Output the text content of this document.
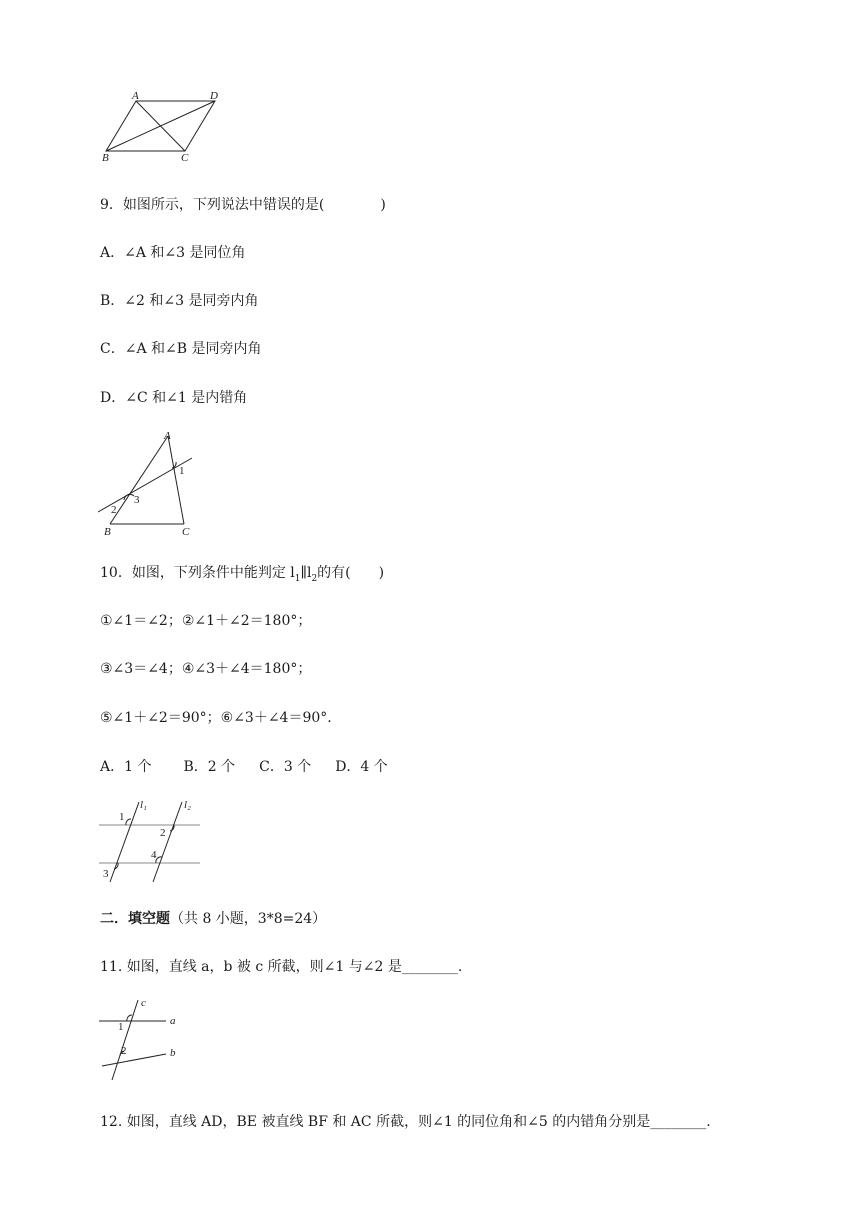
A	D
B	C
9．如图所示，下列说法中错误的是(　　　　)
A．∠A 和∠3 是同位角
B．∠2 和∠3 是同旁内角
C．∠A 和∠B 是同旁内角
D．∠C 和∠1 是内错角
A
B	C
1
2
3
10．如图，下列条件中能判定 $l_1\parallel l_2$的有(　　)
①∠1＝∠2；②∠1＋∠2＝180°；
③∠3＝∠4；④∠3＋∠4＝180°；
⑤∠1＋∠2＝90°；⑥∠3＋∠4＝90°.
A．1 个 B．2 个 C．3 个 D．4 个
l₁	l₂
1
2
3
4
二．填空题（共 8 小题，3*8=24）
11. 如图，直线 a，b 被 c 所截，则∠1 与∠2 是________.
a
b
c
1
2
12. 如图，直线 AD，BE 被直线 BF 和 AC 所截，则∠1 的同位角和∠5 的内错角分别是________.
